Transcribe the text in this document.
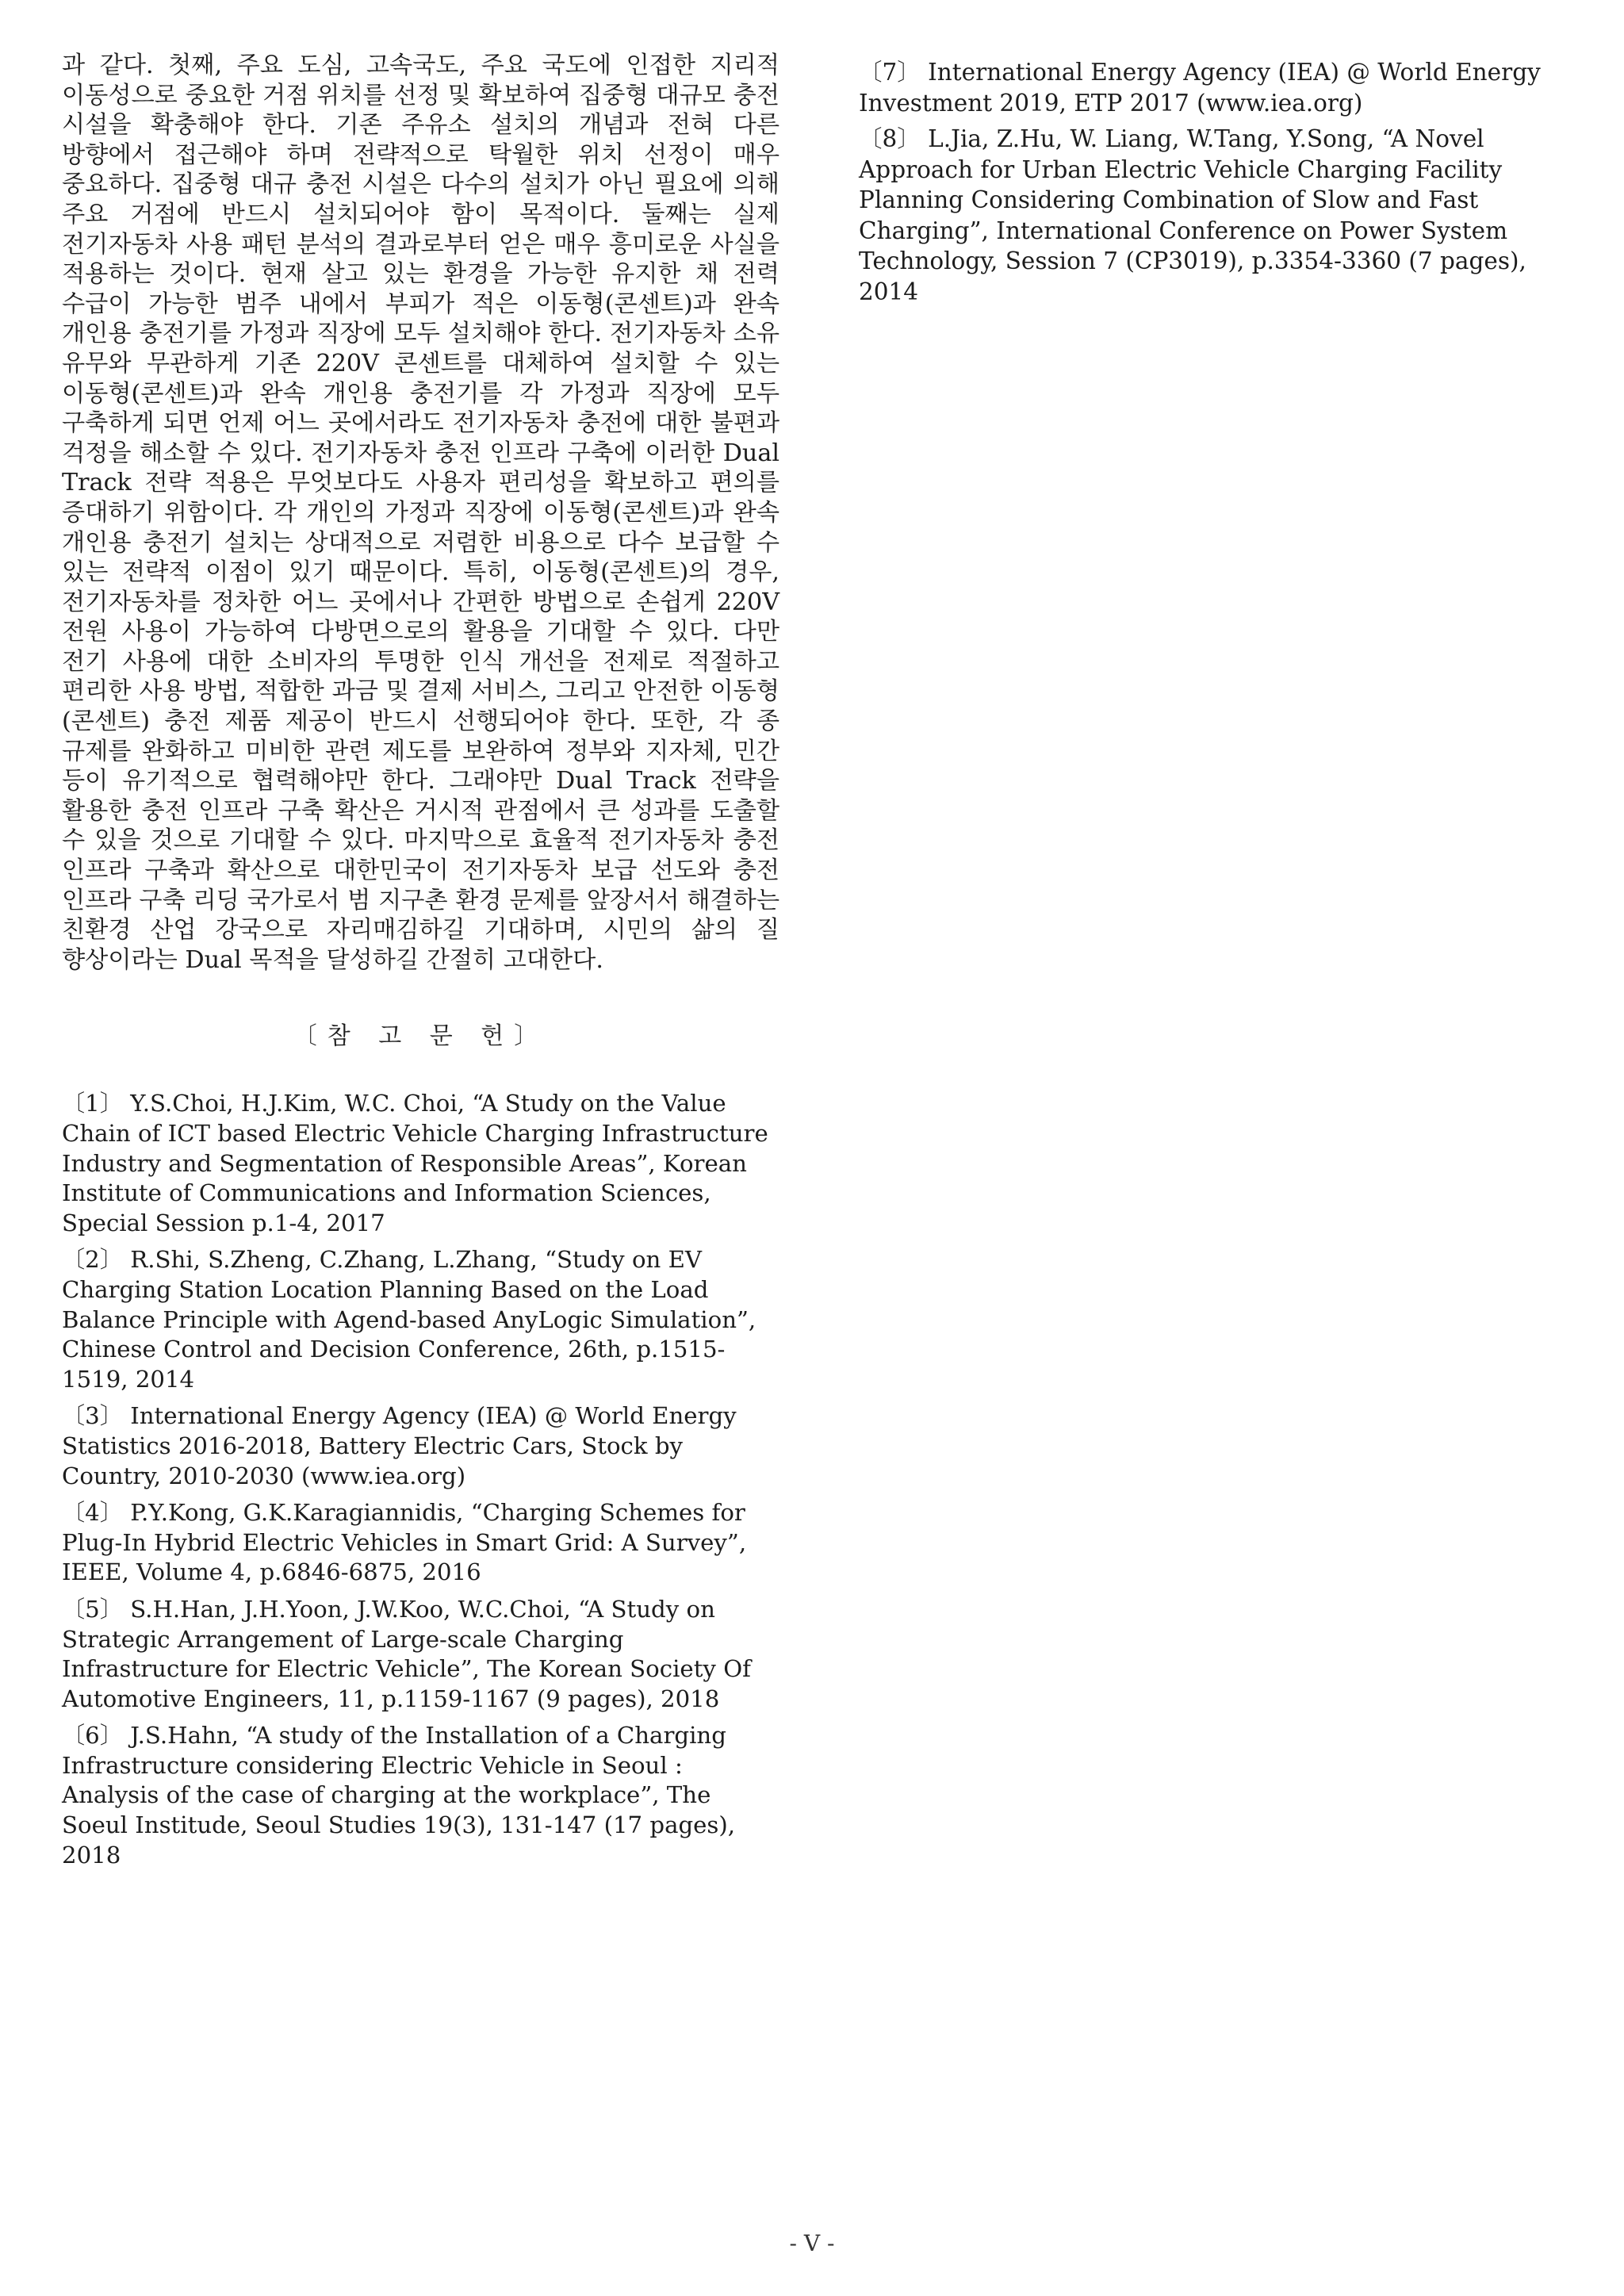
과 같다. 첫째, 주요 도심, 고속국도, 주요 국도에 인접한 지리적 이동성으로 중요한 거점 위치를 선정 및 확보하여 집중형 대규모 충전 시설을 확충해야 한다. 기존 주유소 설치의 개념과 전혀 다른 방향에서 접근해야 하며 전략적으로 탁월한 위치 선정이 매우 중요하다. 집중형 대규 충전 시설은 다수의 설치가 아닌 필요에 의해 주요 거점에 반드시 설치되어야 함이 목적이다. 둘째는 실제 전기자동차 사용 패턴 분석의 결과로부터 얻은 매우 흥미로운 사실을 적용하는 것이다. 현재 살고 있는 환경을 가능한 유지한 채 전력 수급이 가능한 범주 내에서 부피가 적은 이동형(콘센트)과 완속 개인용 충전기를 가정과 직장에 모두 설치해야 한다. 전기자동차 소유 유무와 무관하게 기존 220V 콘센트를 대체하여 설치할 수 있는 이동형(콘센트)과 완속 개인용 충전기를 각 가정과 직장에 모두 구축하게 되면 언제 어느 곳에서라도 전기자동차 충전에 대한 불편과 걱정을 해소할 수 있다. 전기자동차 충전 인프라 구축에 이러한 Dual Track 전략 적용은 무엇보다도 사용자 편리성을 확보하고 편의를 증대하기 위함이다. 각 개인의 가정과 직장에 이동형(콘센트)과 완속 개인용 충전기 설치는 상대적으로 저렴한 비용으로 다수 보급할 수 있는 전략적 이점이 있기 때문이다. 특히, 이동형(콘센트)의 경우, 전기자동차를 정차한 어느 곳에서나 간편한 방법으로 손쉽게 220V 전원 사용이 가능하여 다방면으로의 활용을 기대할 수 있다. 다만 전기 사용에 대한 소비자의 투명한 인식 개선을 전제로 적절하고 편리한 사용 방법, 적합한 과금 및 결제 서비스, 그리고 안전한 이동형(콘센트) 충전 제품 제공이 반드시 선행되어야 한다. 또한, 각 종 규제를 완화하고 미비한 관련 제도를 보완하여 정부와 지자체, 민간 등이 유기적으로 협력해야만 한다. 그래야만 Dual Track 전략을 활용한 충전 인프라 구축 확산은 거시적 관점에서 큰 성과를 도출할 수 있을 것으로 기대할 수 있다. 마지막으로 효율적 전기자동차 충전 인프라 구축과 확산으로 대한민국이 전기자동차 보급 선도와 충전 인프라 구축 리딩 국가로서 범 지구촌 환경 문제를 앞장서서 해결하는 친환경 산업 강국으로 자리매김하길 기대하며, 시민의 삶의 질 향상이라는 Dual 목적을 달성하길 간절히 고대한다.

〔참 고 문 헌〕

〔1〕 Y.S.Choi, H.J.Kim, W.C. Choi, “A Study on the Value Chain of ICT based Electric Vehicle Charging Infrastructure Industry and Segmentation of Responsible Areas”, Korean Institute of Communications and Information Sciences, Special Session p.1-4, 2017

〔2〕 R.Shi, S.Zheng, C.Zhang, L.Zhang, “Study on EV Charging Station Location Planning Based on the Load Balance Principle with Agend-based AnyLogic Simulation”, Chinese Control and Decision Conference, 26th, p.1515-1519, 2014

〔3〕 International Energy Agency (IEA) @ World Energy Statistics 2016-2018, Battery Electric Cars, Stock by Country, 2010-2030 (www.iea.org)

〔4〕 P.Y.Kong, G.K.Karagiannidis, “Charging Schemes for Plug-In Hybrid Electric Vehicles in Smart Grid: A Survey”, IEEE, Volume 4, p.6846-6875, 2016

〔5〕 S.H.Han, J.H.Yoon, J.W.Koo, W.C.Choi, “A Study on Strategic Arrangement of Large-scale Charging Infrastructure for Electric Vehicle”, The Korean Society Of Automotive Engineers, 11, p.1159-1167 (9 pages), 2018

〔6〕 J.S.Hahn, “A study of the Installation of a Charging Infrastructure considering Electric Vehicle in Seoul : Analysis of the case of charging at the workplace”, The Soeul Institude, Seoul Studies 19(3), 131-147 (17 pages), 2018

〔7〕 International Energy Agency (IEA) @ World Energy Investment 2019, ETP 2017 (www.iea.org)

〔8〕 L.Jia, Z.Hu, W. Liang, W.Tang, Y.Song, “A Novel Approach for Urban Electric Vehicle Charging Facility Planning Considering Combination of Slow and Fast Charging”, International Conference on Power System Technology, Session 7 (CP3019), p.3354-3360 (7 pages), 2014

- V -
